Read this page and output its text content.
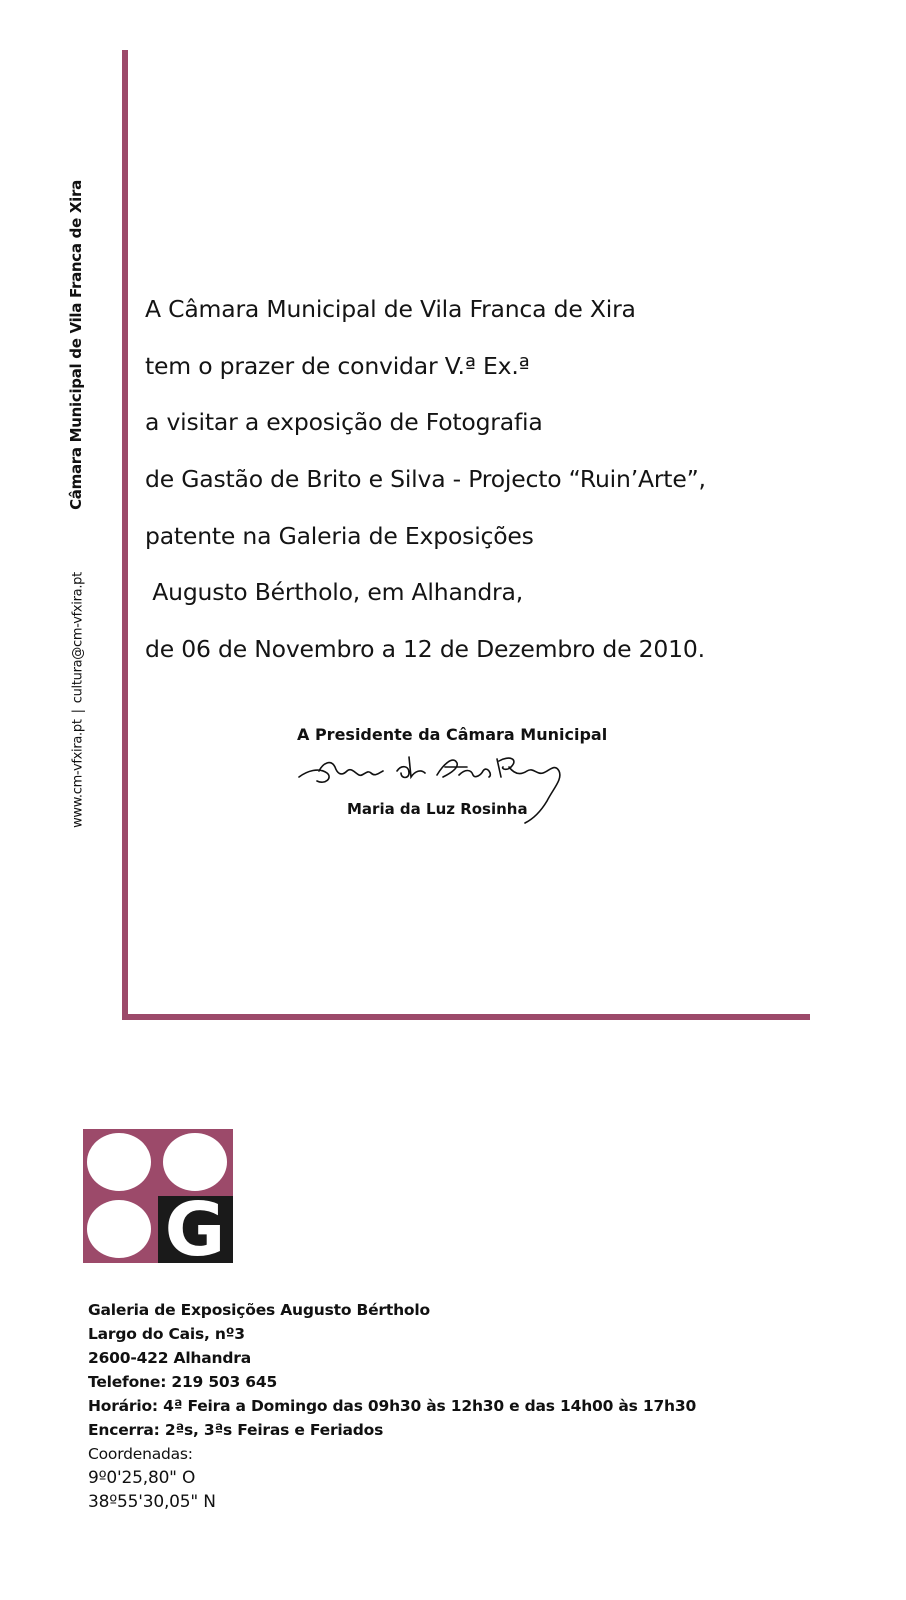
Câmara Municipal de Vila Franca de Xira
www.cm-vfxira.pt|cultura@cm-vfxira.pt
A Câmara Municipal de Vila Franca de Xira
tem o prazer de convidar V.ª Ex.ª
a visitar a exposição de Fotografia
de Gastão de Brito e Silva - Projecto “Ruin’Arte”,
patente na Galeria de Exposições
Augusto Bértholo, em Alhandra,
de 06 de Novembro a 12 de Dezembro de 2010.
A Presidente da Câmara Municipal
Maria da Luz Rosinha
G
Galeria de Exposições Augusto Bértholo
Largo do Cais, nº3
2600-422 Alhandra
Telefone: 219 503 645
Horário: 4ª Feira a Domingo das 09h30 às 12h30 e das 14h00 às 17h30
Encerra: 2ªs, 3ªs Feiras e Feriados
Coordenadas:
9º0'25,80" O
38º55'30,05" N
